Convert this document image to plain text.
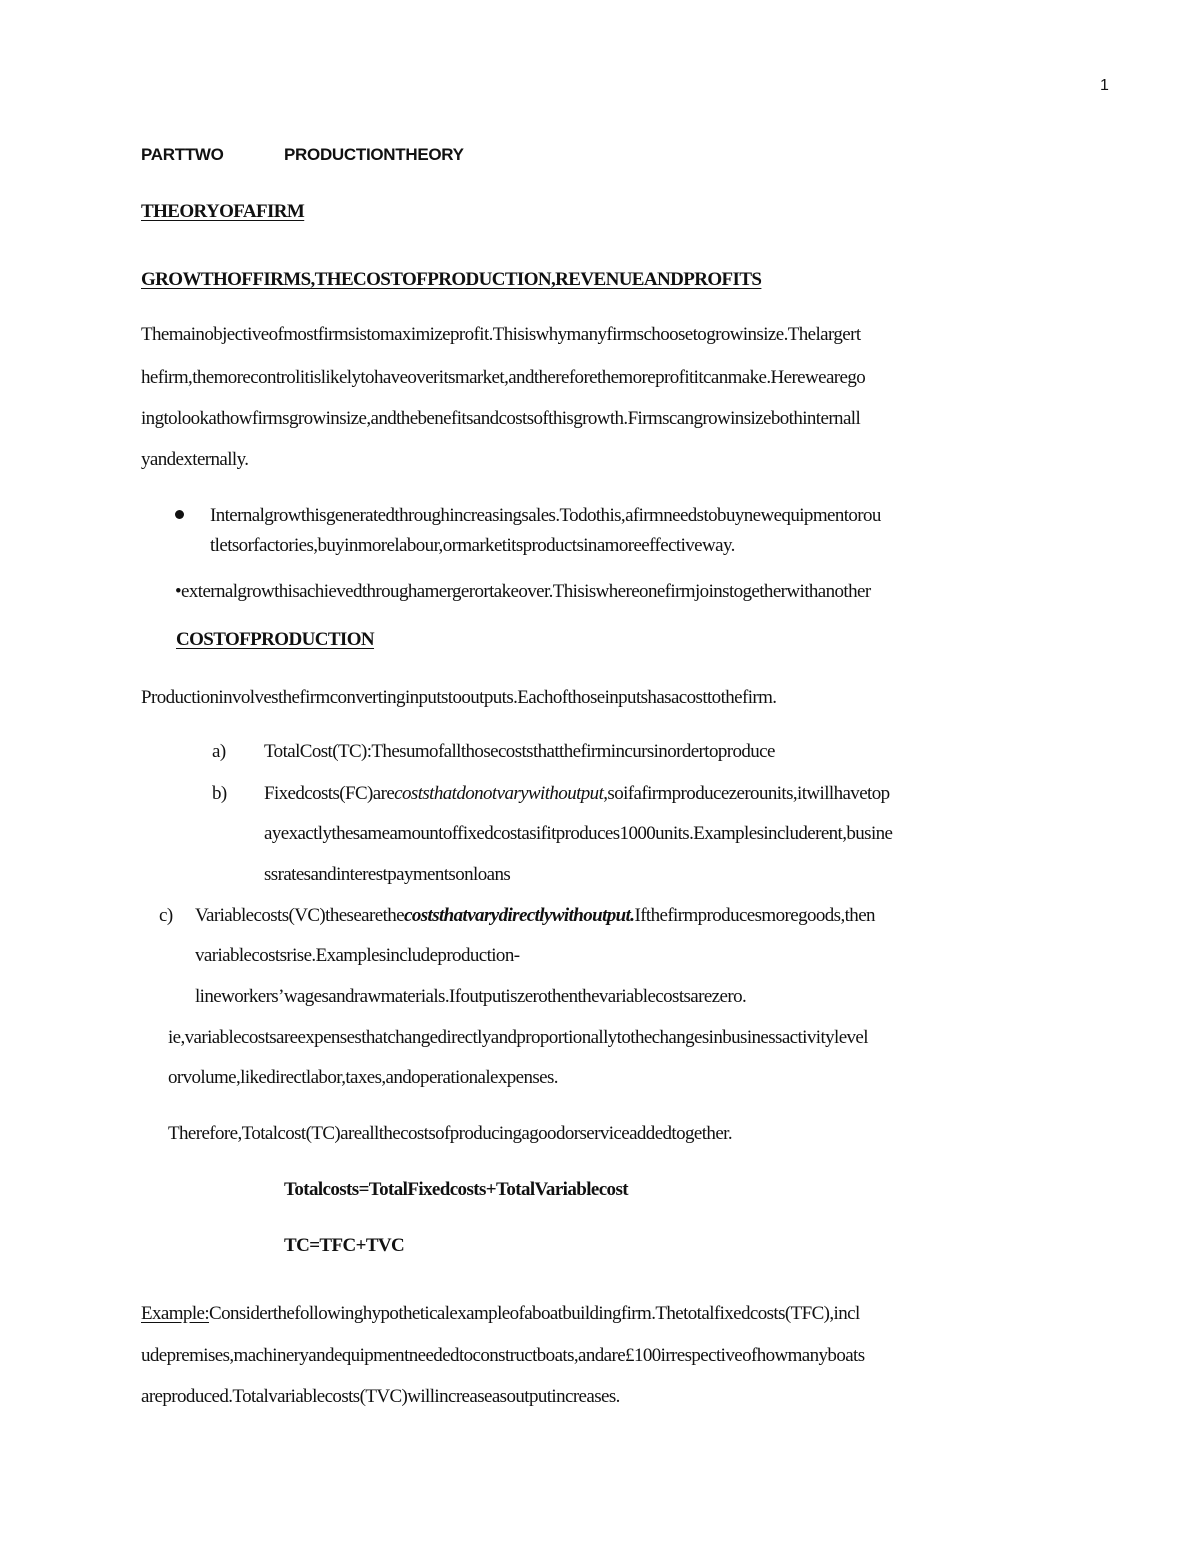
1
PARTTWO	PRODUCTIONTHEORY
THEORYOFAFIRM
GROWTHOFFIRMS,THECOSTOFPRODUCTION,REVENUEANDPROFITS
Themainobjectiveofmostfirmsistomaximizeprofit.Thisiswhymanyfirmschoosetogrowinsize.Thelargert
hefirm,themorecontrolitislikelytohaveoveritsmarket,andthereforethemoreprofititcanmake.Herewearego
ingtolookathowfirmsgrowinsize,andthebenefitsandcostsofthisgrowth.Firmscangrowinsizebothinternall
yandexternally.
Internalgrowthisgeneratedthroughincreasingsales.Todothis,afirmneedstobuynewequipmentorou
tletsorfactories,buyinmorelabour,ormarketitsproductsinamoreeffectiveway.
•externalgrowthisachievedthroughamergerortakeover.Thisiswhereonefirmjoinstogetherwithanother
COSTOFPRODUCTION
Productioninvolvesthefirmconvertinginputstooutputs.Eachofthoseinputshasacosttothefirm.
a) TotalCost(TC):Thesumofallthosecoststhatthefirmincursinordertoproduce
b) Fixedcosts(FC)arecoststhatdonotvarywithoutput,soifafirmproducezerounits,itwillhavetop
ayexactlythesameamountoffixedcostasifitproduces1000units.Examplesincluderent,busine
ssratesandinterestpaymentsonloans
c) Variablecosts(VC)thesearethecoststhatvarydirectlywithoutput.Ifthefirmproducesmoregoods,then
variablecostsrise.Examplesincludeproduction-
lineworkers’wagesandrawmaterials.Ifoutputiszerothenthevariablecostsarezero.
ie,variablecostsareexpensesthatchangedirectlyandproportionallytothechangesinbusinessactivitylevel
orvolume,likedirectlabor,taxes,andoperationalexpenses.
Therefore,Totalcost(TC)areallthecostsofproducingagoodorserviceaddedtogether.
Totalcosts=TotalFixedcosts+TotalVariablecost
TC=TFC+TVC
Example:Considerthefollowinghypotheticalexampleofaboatbuildingfirm.Thetotalfixedcosts(TFC),incl
udepremises,machineryandequipmentneededtoconstructboats,andare£100irrespectiveofhowmanyboats
areproduced.Totalvariablecosts(TVC)willincreaseasoutputincreases.
